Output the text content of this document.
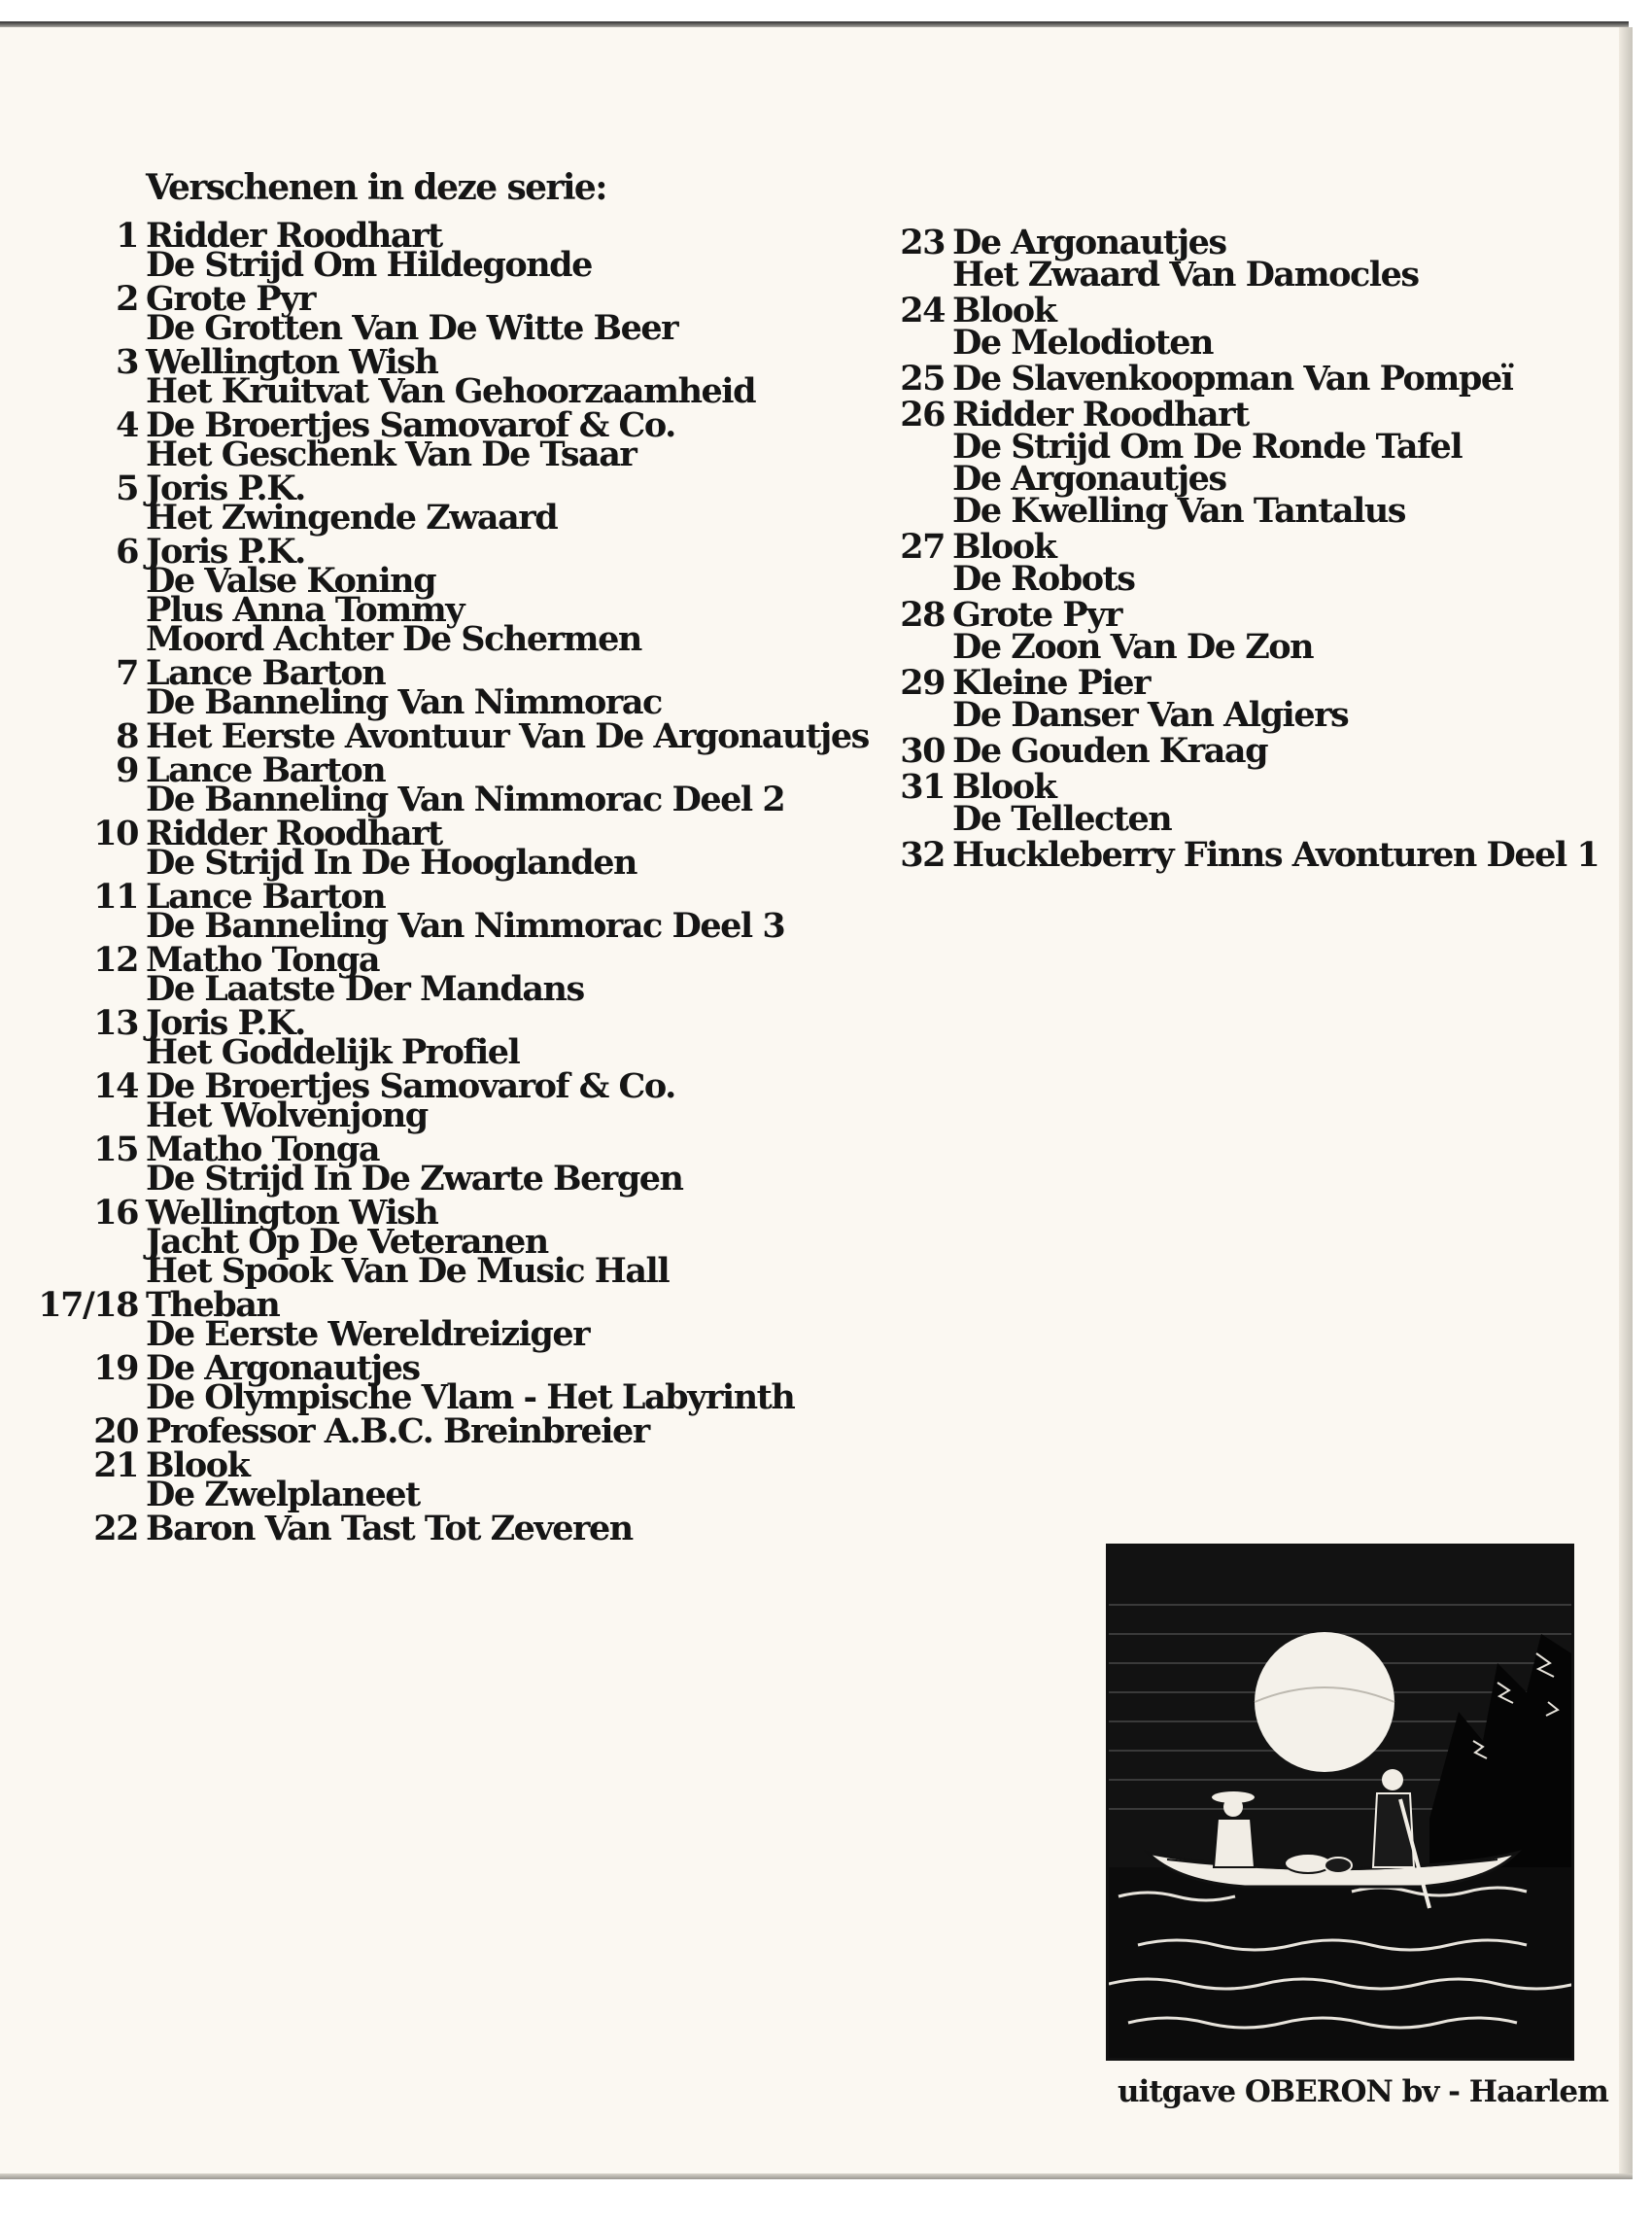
Verschenen in deze serie:
1 Ridder Roodhart
De Strijd Om Hildegonde
2 Grote Pyr
De Grotten Van De Witte Beer
3 Wellington Wish
Het Kruitvat Van Gehoorzaamheid
4 De Broertjes Samovarof & Co.
Het Geschenk Van De Tsaar
5 Joris P.K.
Het Zwingende Zwaard
6 Joris P.K.
De Valse Koning
Plus Anna Tommy
Moord Achter De Schermen
7 Lance Barton
De Banneling Van Nimmorac
8 Het Eerste Avontuur Van De Argonautjes
9 Lance Barton
De Banneling Van Nimmorac Deel 2
10 Ridder Roodhart
De Strijd In De Hooglanden
11 Lance Barton
De Banneling Van Nimmorac Deel 3
12 Matho Tonga
De Laatste Der Mandans
13 Joris P.K.
Het Goddelijk Profiel
14 De Broertjes Samovarof & Co.
Het Wolvenjong
15 Matho Tonga
De Strijd In De Zwarte Bergen
16 Wellington Wish
Jacht Op De Veteranen
Het Spook Van De Music Hall
17/18 Theban
De Eerste Wereldreiziger
19 De Argonautjes
De Olympische Vlam - Het Labyrinth
20 Professor A.B.C. Breinbreier
21 Blook
De Zwelplaneet
22 Baron Van Tast Tot Zeveren
23 De Argonautjes
Het Zwaard Van Damocles
24 Blook
De Melodioten
25 De Slavenkoopman Van Pompeï
26 Ridder Roodhart
De Strijd Om De Ronde Tafel
De Argonautjes
De Kwelling Van Tantalus
27 Blook
De Robots
28 Grote Pyr
De Zoon Van De Zon
29 Kleine Pier
De Danser Van Algiers
30 De Gouden Kraag
31 Blook
De Tellecten
32 Huckleberry Finns Avonturen Deel 1
uitgave OBERON bv - Haarlem
